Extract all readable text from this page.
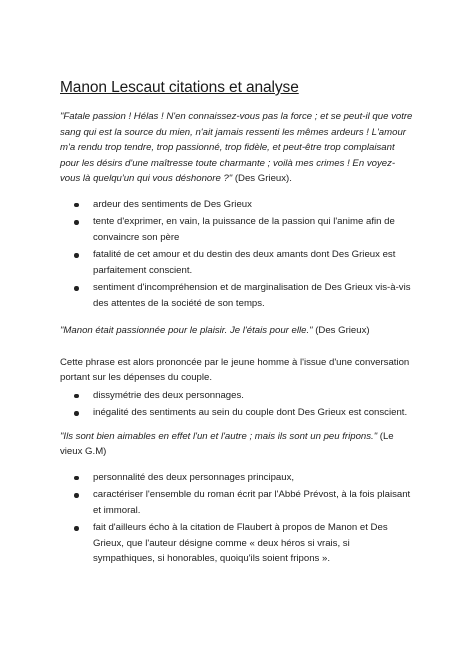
Manon Lescaut citations et analyse

"Fatale passion ! Hélas ! N'en connaissez-vous pas la force ; et se peut-il que votre sang qui est la source du mien, n'ait jamais ressenti les mêmes ardeurs ! L'amour m'a rendu trop tendre, trop passionné, trop fidèle, et peut-être trop complaisant pour les désirs d'une maîtresse toute charmante ; voilà mes crimes ! En voyez-vous là quelqu'un qui vous déshonore ?" (Des Grieux).

ardeur des sentiments de Des Grieux
tente d'exprimer, en vain, la puissance de la passion qui l'anime afin de convaincre son père
fatalité de cet amour et du destin des deux amants dont Des Grieux est parfaitement conscient.
sentiment d'incompréhension et de marginalisation de Des Grieux vis-à-vis des attentes de la société de son temps.

"Manon était passionnée pour le plaisir. Je l'étais pour elle." (Des Grieux)

Cette phrase est alors prononcée par le jeune homme à l'issue d'une conversation portant sur les dépenses du couple.

dissymétrie des deux personnages.
inégalité des sentiments au sein du couple dont Des Grieux est conscient.

"Ils sont bien aimables en effet l'un et l'autre ; mais ils sont un peu fripons." (Le vieux G.M)

personnalité des deux personnages principaux,
caractériser l'ensemble du roman écrit par l'Abbé Prévost, à la fois plaisant et immoral.
fait d'ailleurs écho à la citation de Flaubert à propos de Manon et Des Grieux, que l'auteur désigne comme « deux héros si vrais, si sympathiques, si honorables, quoiqu'ils soient fripons ».
